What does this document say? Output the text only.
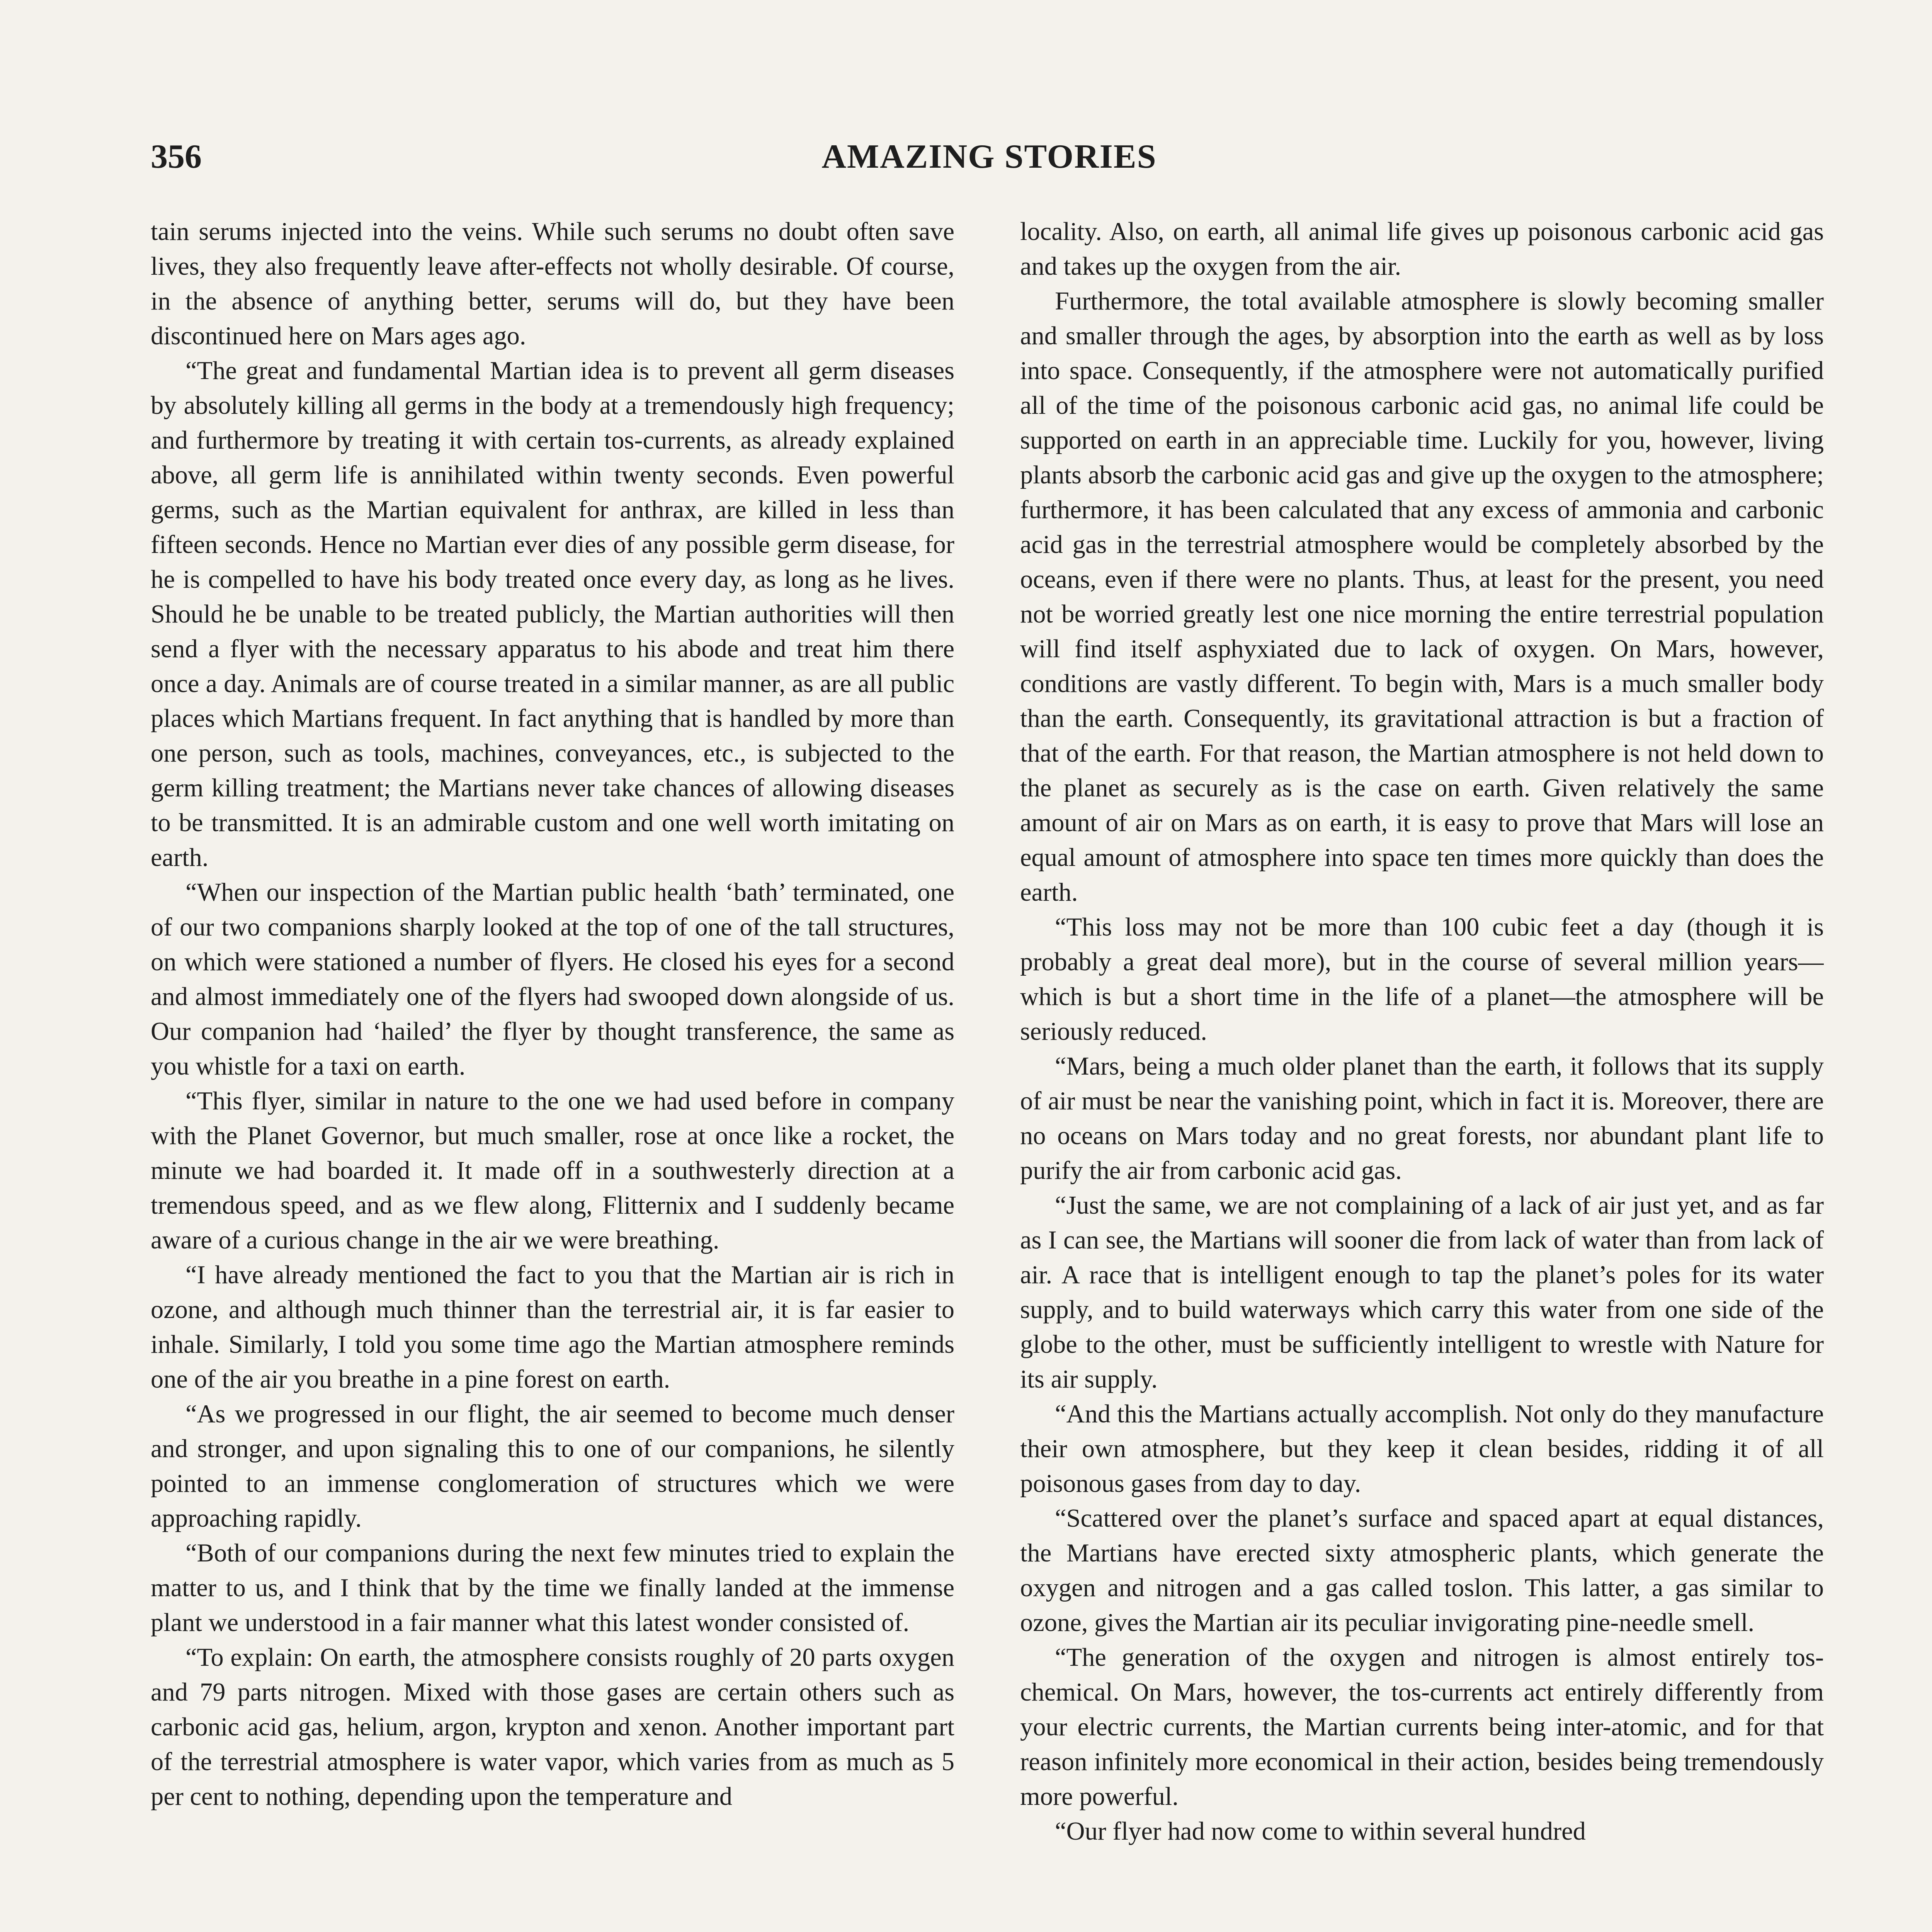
356	AMAZING STORIES

tain serums injected into the veins. While such serums no doubt often save lives, they also frequently leave after-effects not wholly desirable. Of course, in the absence of anything better, serums will do, but they have been discontinued here on Mars ages ago.

“The great and fundamental Martian idea is to prevent all germ diseases by absolutely killing all germs in the body at a tremendously high frequency; and furthermore by treating it with certain tos-currents, as already explained above, all germ life is annihilated within twenty seconds. Even powerful germs, such as the Martian equivalent for anthrax, are killed in less than fifteen seconds. Hence no Martian ever dies of any possible germ disease, for he is compelled to have his body treated once every day, as long as he lives. Should he be unable to be treated publicly, the Martian authorities will then send a flyer with the necessary apparatus to his abode and treat him there once a day. Animals are of course treated in a similar manner, as are all public places which Martians frequent. In fact anything that is handled by more than one person, such as tools, machines, conveyances, etc., is subjected to the germ killing treatment; the Martians never take chances of allowing diseases to be transmitted. It is an admirable custom and one well worth imitating on earth.

“When our inspection of the Martian public health ‘bath’ terminated, one of our two companions sharply looked at the top of one of the tall structures, on which were stationed a number of flyers. He closed his eyes for a second and almost immediately one of the flyers had swooped down alongside of us. Our companion had ‘hailed’ the flyer by thought transference, the same as you whistle for a taxi on earth.

“This flyer, similar in nature to the one we had used before in company with the Planet Governor, but much smaller, rose at once like a rocket, the minute we had boarded it. It made off in a southwesterly direction at a tremendous speed, and as we flew along, Flitternix and I suddenly became aware of a curious change in the air we were breathing.

“I have already mentioned the fact to you that the Martian air is rich in ozone, and although much thinner than the terrestrial air, it is far easier to inhale. Similarly, I told you some time ago the Martian atmosphere reminds one of the air you breathe in a pine forest on earth.

“As we progressed in our flight, the air seemed to become much denser and stronger, and upon signaling this to one of our companions, he silently pointed to an immense conglomeration of structures which we were approaching rapidly.

“Both of our companions during the next few minutes tried to explain the matter to us, and I think that by the time we finally landed at the immense plant we understood in a fair manner what this latest wonder consisted of.

“To explain: On earth, the atmosphere consists roughly of 20 parts oxygen and 79 parts nitrogen. Mixed with those gases are certain others such as carbonic acid gas, helium, argon, krypton and xenon. Another important part of the terrestrial atmosphere is water vapor, which varies from as much as 5 per cent to nothing, depending upon the temperature and

locality. Also, on earth, all animal life gives up poisonous carbonic acid gas and takes up the oxygen from the air.

Furthermore, the total available atmosphere is slowly becoming smaller and smaller through the ages, by absorption into the earth as well as by loss into space. Consequently, if the atmosphere were not automatically purified all of the time of the poisonous carbonic acid gas, no animal life could be supported on earth in an appreciable time. Luckily for you, however, living plants absorb the carbonic acid gas and give up the oxygen to the atmosphere; furthermore, it has been calculated that any excess of ammonia and carbonic acid gas in the terrestrial atmosphere would be completely absorbed by the oceans, even if there were no plants. Thus, at least for the present, you need not be worried greatly lest one nice morning the entire terrestrial population will find itself asphyxiated due to lack of oxygen. On Mars, however, conditions are vastly different. To begin with, Mars is a much smaller body than the earth. Consequently, its gravitational attraction is but a fraction of that of the earth. For that reason, the Martian atmosphere is not held down to the planet as securely as is the case on earth. Given relatively the same amount of air on Mars as on earth, it is easy to prove that Mars will lose an equal amount of atmosphere into space ten times more quickly than does the earth.

“This loss may not be more than 100 cubic feet a day (though it is probably a great deal more), but in the course of several million years—which is but a short time in the life of a planet—the atmosphere will be seriously reduced.

“Mars, being a much older planet than the earth, it follows that its supply of air must be near the vanishing point, which in fact it is. Moreover, there are no oceans on Mars today and no great forests, nor abundant plant life to purify the air from carbonic acid gas.

“Just the same, we are not complaining of a lack of air just yet, and as far as I can see, the Martians will sooner die from lack of water than from lack of air. A race that is intelligent enough to tap the planet’s poles for its water supply, and to build waterways which carry this water from one side of the globe to the other, must be sufficiently intelligent to wrestle with Nature for its air supply.

“And this the Martians actually accomplish. Not only do they manufacture their own atmosphere, but they keep it clean besides, ridding it of all poisonous gases from day to day.

“Scattered over the planet’s surface and spaced apart at equal distances, the Martians have erected sixty atmospheric plants, which generate the oxygen and nitrogen and a gas called toslon. This latter, a gas similar to ozone, gives the Martian air its peculiar invigorating pine-needle smell.

“The generation of the oxygen and nitrogen is almost entirely tos-chemical. On Mars, however, the tos-currents act entirely differently from your electric currents, the Martian currents being inter-atomic, and for that reason infinitely more economical in their action, besides being tremendously more powerful.

“Our flyer had now come to within several hundred
